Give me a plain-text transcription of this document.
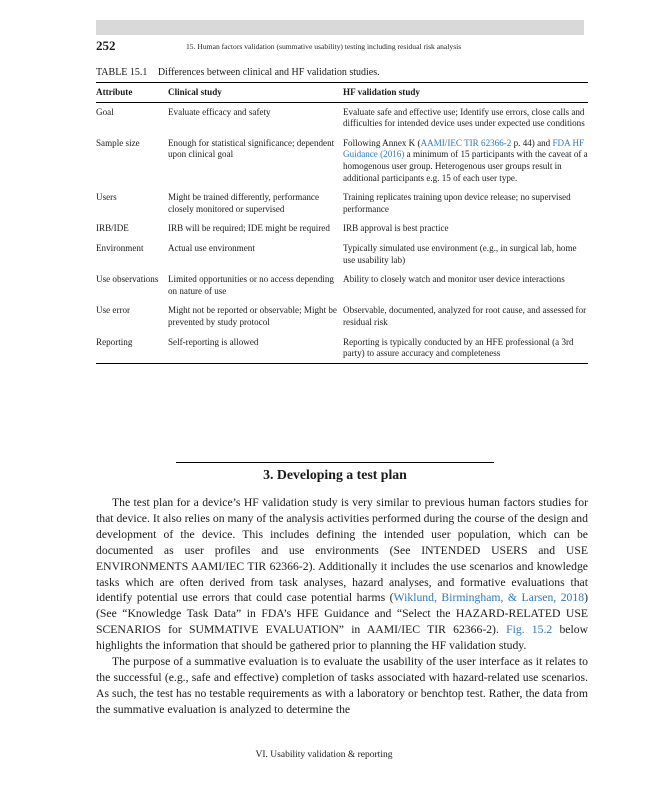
252	15. Human factors validation (summative usability) testing including residual risk analysis
TABLE 15.1 Differences between clinical and HF validation studies.
Attribute	Clinical study	HF validation study
Goal	Evaluate efficacy and safety	Evaluate safe and effective use; Identify use errors, close calls and difficulties for intended device uses under expected use conditions
Sample size	Enough for statistical significance; dependent upon clinical goal	Following Annex K (AAMI/IEC TIR 62366-2 p. 44) and FDA HF Guidance (2016) a minimum of 15 participants with the caveat of a homogenous user group. Heterogenous user groups result in additional participants e.g. 15 of each user type.
Users	Might be trained differently, performance closely monitored or supervised	Training replicates training upon device release; no supervised performance
IRB/IDE	IRB will be required; IDE might be required	IRB approval is best practice
Environment	Actual use environment	Typically simulated use environment (e.g., in surgical lab, home use usability lab)
Use observations	Limited opportunities or no access depending on nature of use	Ability to closely watch and monitor user device interactions
Use error	Might not be reported or observable; Might be prevented by study protocol	Observable, documented, analyzed for root cause, and assessed for residual risk
Reporting	Self-reporting is allowed	Reporting is typically conducted by an HFE professional (a 3rd party) to assure accuracy and completeness
3. Developing a test plan

The test plan for a device’s HF validation study is very similar to previous human factors studies for that device. It also relies on many of the analysis activities performed during the course of the design and development of the device. This includes defining the intended user population, which can be documented as user profiles and use environments (See INTENDED USERS and USE ENVIRONMENTS AAMI/IEC TIR 62366-2). Additionally it includes the use scenarios and knowledge tasks which are often derived from task analyses, hazard analyses, and formative evaluations that identify potential use errors that could case potential harms (Wiklund, Birmingham, & Larsen, 2018) (See “Knowledge Task Data” in FDA’s HFE Guidance and “Select the HAZARD-RELATED USE SCENARIOS for SUMMATIVE EVALUATION” in AAMI/IEC TIR 62366-2). Fig. 15.2 below highlights the information that should be gathered prior to planning the HF validation study.

The purpose of a summative evaluation is to evaluate the usability of the user interface as it relates to the successful (e.g., safe and effective) completion of tasks associated with hazard-related use scenarios. As such, the test has no testable requirements as with a laboratory or benchtop test. Rather, the data from the summative evaluation is analyzed to determine the

VI. Usability validation & reporting
